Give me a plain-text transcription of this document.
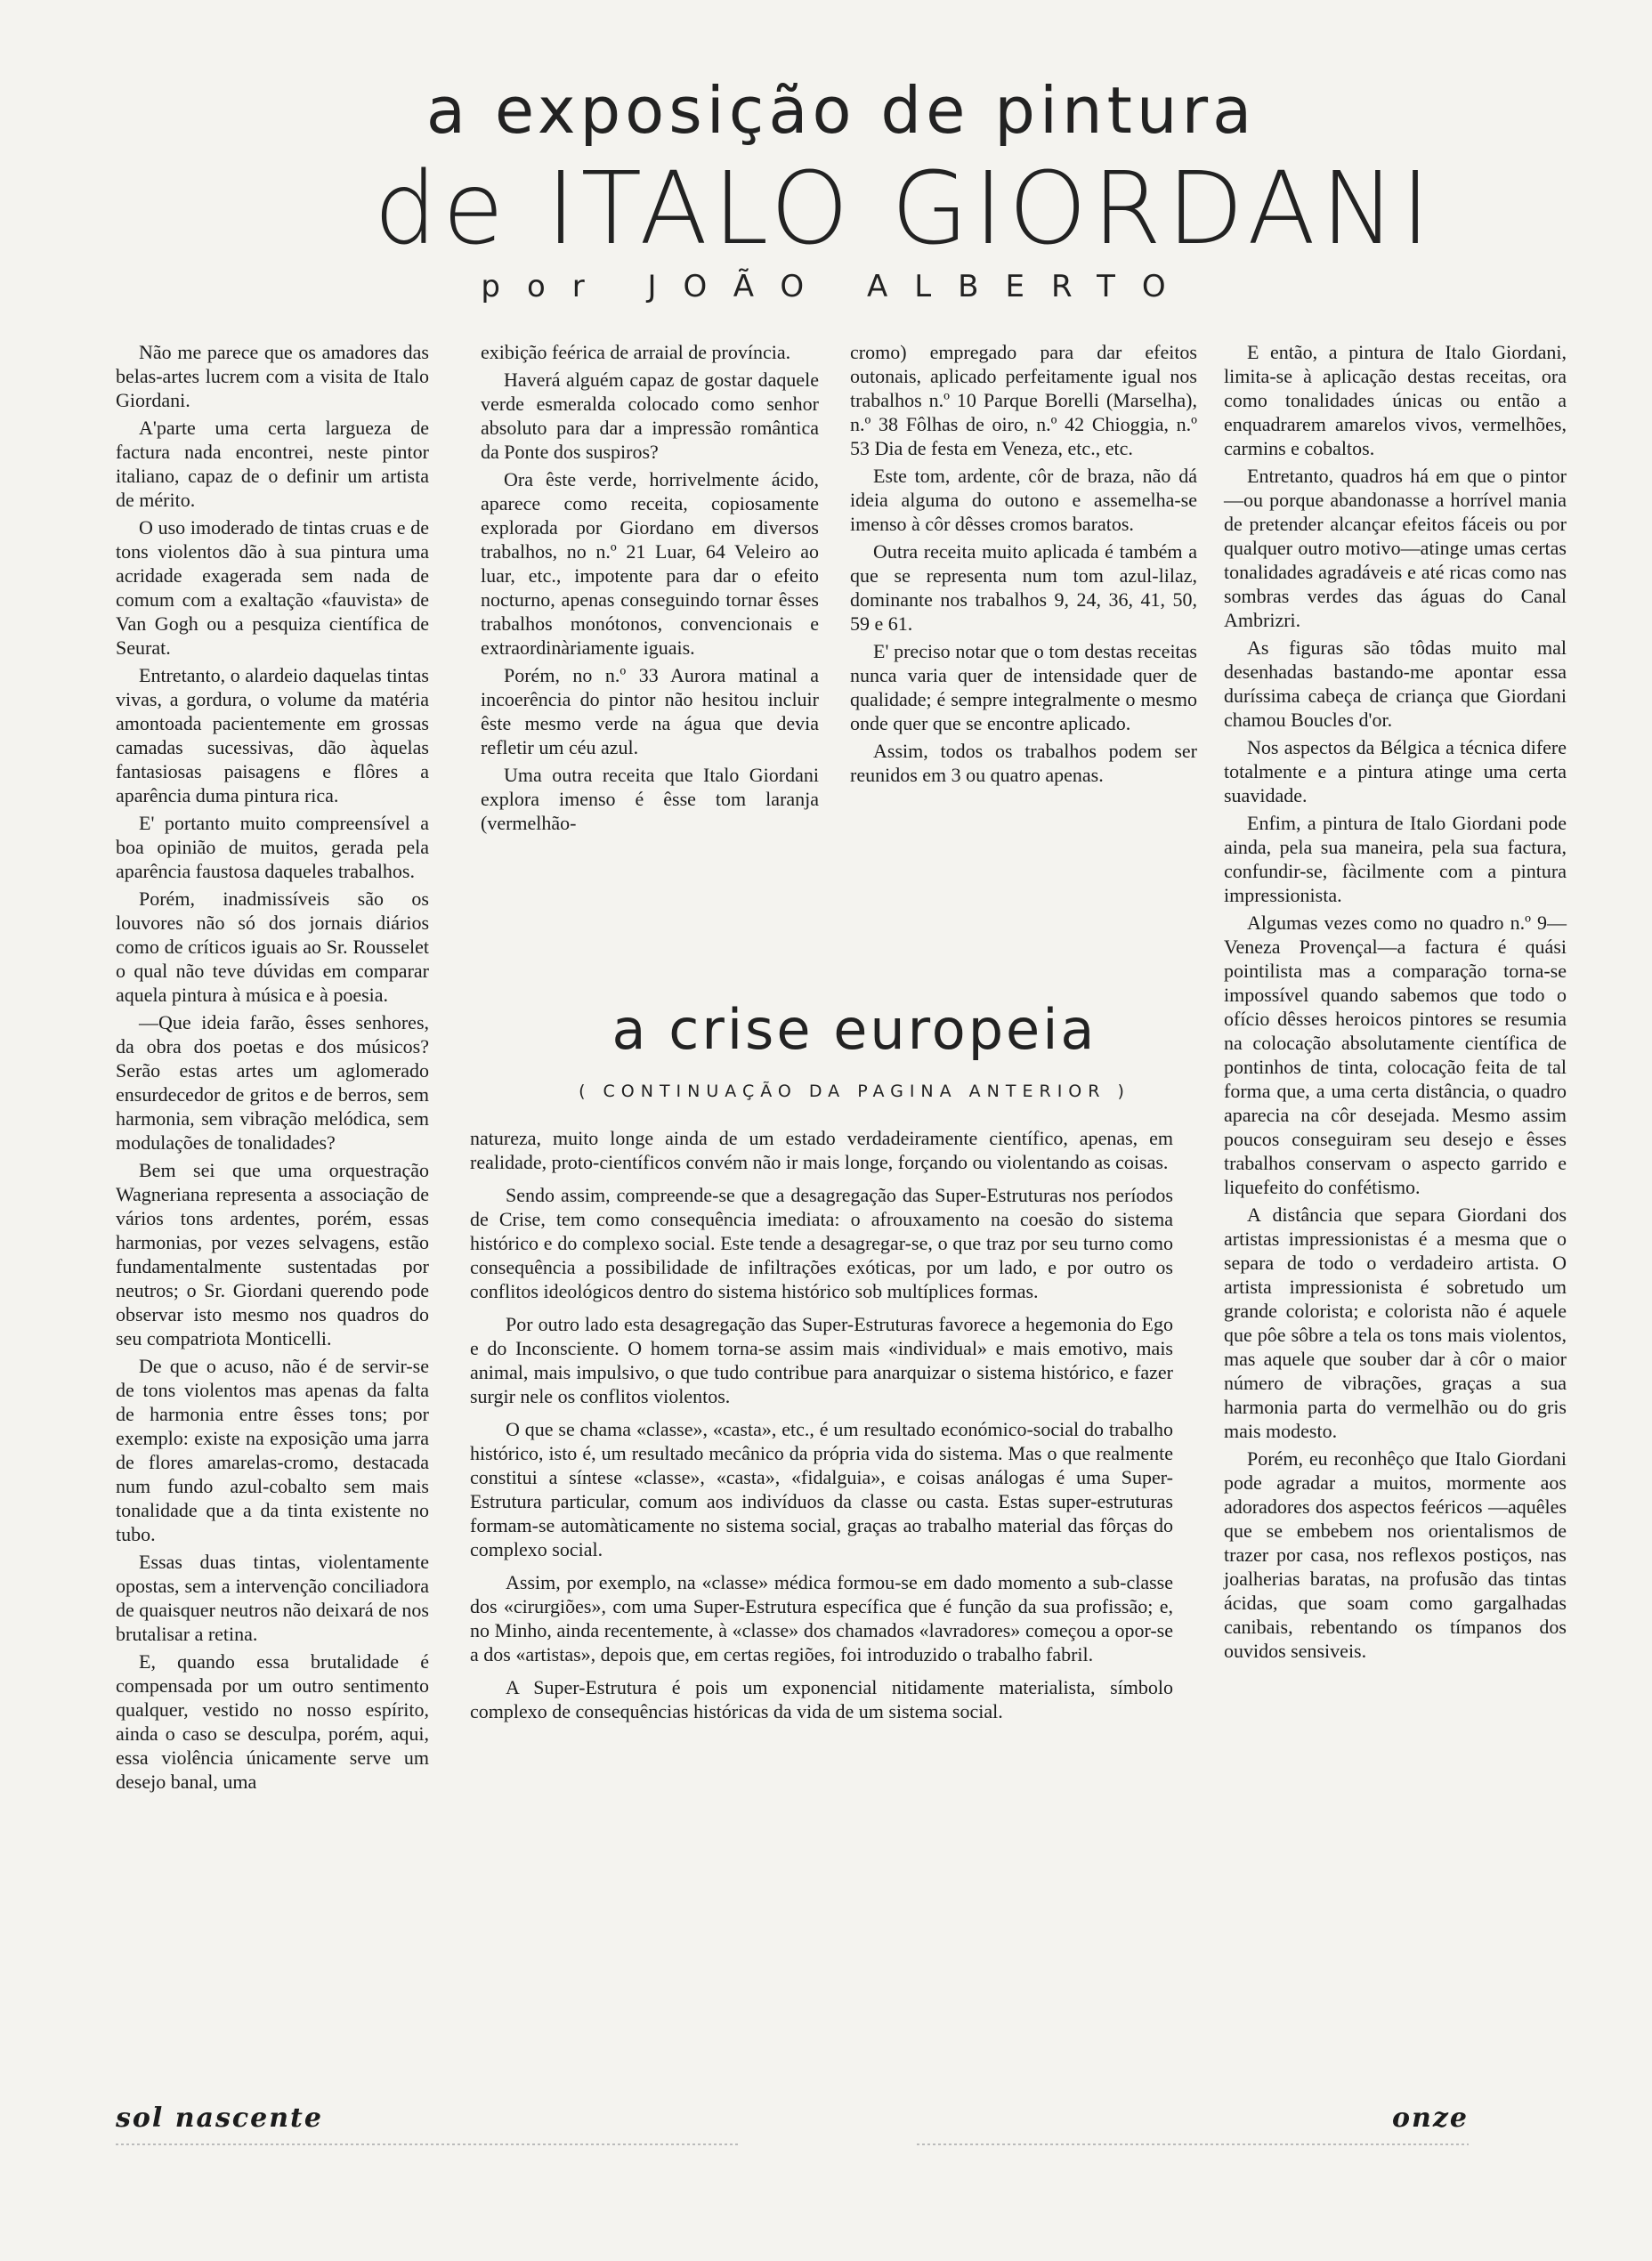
a exposição de pintura
de ITALO GIORDANI
por JOÃO ALBERTO

Não me parece que os amadores das belas-artes lucrem com a visita de Italo Giordani.

A'parte uma certa largueza de factura nada encontrei, neste pintor italiano, capaz de o definir um artista de mérito.

O uso imoderado de tintas cruas e de tons violentos dão à sua pintura uma acridade exagerada sem nada de comum com a exaltação «fauvista» de Van Gogh ou a pesquiza científica de Seurat.

Entretanto, o alardeio daquelas tintas vivas, a gordura, o volume da matéria amontoada pacientemente em grossas camadas sucessivas, dão àquelas fantasiosas paisagens e flôres a aparência duma pintura rica.

E' portanto muito compreensível a boa opinião de muitos, gerada pela aparência faustosa daqueles trabalhos.

Porém, inadmissíveis são os louvores não só dos jornais diários como de críticos iguais ao Sr. Rousselet o qual não teve dúvidas em comparar aquela pintura à música e à poesia.

—Que ideia farão, êsses senhores, da obra dos poetas e dos músicos? Serão estas artes um aglomerado ensurdecedor de gritos e de berros, sem harmonia, sem vibração melódica, sem modulações de tonalidades?

Bem sei que uma orquestração Wagneriana representa a associação de vários tons ardentes, porém, essas harmonias, por vezes selvagens, estão fundamentalmente sustentadas por neutros; o Sr. Giordani querendo pode observar isto mesmo nos quadros do seu compatriota Monticelli.

De que o acuso, não é de servir-se de tons violentos mas apenas da falta de harmonia entre êsses tons; por exemplo: existe na exposição uma jarra de flores amarelas-cromo, destacada num fundo azul-cobalto sem mais tonalidade que a da tinta existente no tubo.

Essas duas tintas, violentamente opostas, sem a intervenção conciliadora de quaisquer neutros não deixará de nos brutalisar a retina.

E, quando essa brutalidade é compensada por um outro sentimento qualquer, vestido no nosso espírito, ainda o caso se desculpa, porém, aqui, essa violência únicamente serve um desejo banal, uma

exibição feérica de arraial de província.

Haverá alguém capaz de gostar daquele verde esmeralda colocado como senhor absoluto para dar a impressão romântica da Ponte dos suspiros?

Ora êste verde, horrivelmente ácido, aparece como receita, copiosamente explorada por Giordano em diversos trabalhos, no n.º 21 Luar, 64 Veleiro ao luar, etc., impotente para dar o efeito nocturno, apenas conseguindo tornar êsses trabalhos monótonos, convencionais e extraordinàriamente iguais.

Porém, no n.º 33 Aurora matinal a incoerência do pintor não hesitou incluir êste mesmo verde na água que devia refletir um céu azul.

Uma outra receita que Italo Giordani explora imenso é êsse tom laranja (vermelhão-

cromo) empregado para dar efeitos outonais, aplicado perfeitamente igual nos trabalhos n.º 10 Parque Borelli (Marselha), n.º 38 Fôlhas de oiro, n.º 42 Chioggia, n.º 53 Dia de festa em Veneza, etc., etc.

Este tom, ardente, côr de braza, não dá ideia alguma do outono e assemelha-se imenso à côr dêsses cromos baratos.

Outra receita muito aplicada é também a que se representa num tom azul-lilaz, dominante nos trabalhos 9, 24, 36, 41, 50, 59 e 61.

E' preciso notar que o tom destas receitas nunca varia quer de intensidade quer de qualidade; é sempre integralmente o mesmo onde quer que se encontre aplicado.

Assim, todos os trabalhos podem ser reunidos em 3 ou quatro apenas.

E então, a pintura de Italo Giordani, limita-se à aplicação destas receitas, ora como tonalidades únicas ou então a enquadrarem amarelos vivos, vermelhões, carmins e cobaltos.

Entretanto, quadros há em que o pintor—ou porque abandonasse a horrível mania de pretender alcançar efeitos fáceis ou por qualquer outro motivo—atinge umas certas tonalidades agradáveis e até ricas como nas sombras verdes das águas do Canal Ambrizri.

As figuras são tôdas muito mal desenhadas bastando-me apontar essa duríssima cabeça de criança que Giordani chamou Boucles d'or.

Nos aspectos da Bélgica a técnica difere totalmente e a pintura atinge uma certa suavidade.

Enfim, a pintura de Italo Giordani pode ainda, pela sua maneira, pela sua factura, confundir-se, fàcilmente com a pintura impressionista.

Algumas vezes como no quadro n.º 9—Veneza Provençal—a factura é quási pointilista mas a comparação torna-se impossível quando sabemos que todo o ofício dêsses heroicos pintores se resumia na colocação absolutamente científica de pontinhos de tinta, colocação feita de tal forma que, a uma certa distância, o quadro aparecia na côr desejada. Mesmo assim poucos conseguiram seu desejo e êsses trabalhos conservam o aspecto garrido e liquefeito do confétismo.

A distância que separa Giordani dos artistas impressionistas é a mesma que o separa de todo o verdadeiro artista. O artista impressionista é sobretudo um grande colorista; e colorista não é aquele que pôe sôbre a tela os tons mais violentos, mas aquele que souber dar à côr o maior número de vibrações, graças a sua harmonia parta do vermelhão ou do gris mais modesto.

Porém, eu reconhêço que Italo Giordani pode agradar a muitos, mormente aos adoradores dos aspectos feéricos —aquêles que se embebem nos orientalismos de trazer por casa, nos reflexos postiços, nas joalherias baratas, na profusão das tintas ácidas, que soam como gargalhadas canibais, rebentando os tímpanos dos ouvidos sensiveis.

a crise europeia
( CONTINUAÇÃO DA PAGINA ANTERIOR )

natureza, muito longe ainda de um estado verdadeiramente científico, apenas, em realidade, proto-científicos convém não ir mais longe, forçando ou violentando as coisas.

Sendo assim, compreende-se que a desagregação das Super-Estruturas nos períodos de Crise, tem como consequência imediata: o afrouxamento na coesão do sistema histórico e do complexo social. Este tende a desagregar-se, o que traz por seu turno como consequência a possibilidade de infiltrações exóticas, por um lado, e por outro os conflitos ideológicos dentro do sistema histórico sob multíplices formas.

Por outro lado esta desagregação das Super-Estruturas favorece a hegemonia do Ego e do Inconsciente. O homem torna-se assim mais «individual» e mais emotivo, mais animal, mais impulsivo, o que tudo contribue para anarquizar o sistema histórico, e fazer surgir nele os conflitos violentos.

O que se chama «classe», «casta», etc., é um resultado económico-social do trabalho histórico, isto é, um resultado mecânico da própria vida do sistema. Mas o que realmente constitui a síntese «classe», «casta», «fidalguia», e coisas análogas é uma Super-Estrutura particular, comum aos indivíduos da classe ou casta. Estas super-estruturas formam-se automàticamente no sistema social, graças ao trabalho material das fôrças do complexo social.

Assim, por exemplo, na «classe» médica formou-se em dado momento a sub-classe dos «cirurgiões», com uma Super-Estrutura específica que é função da sua profissão; e, no Minho, ainda recentemente, à «classe» dos chamados «lavradores» começou a opor-se a dos «artistas», depois que, em certas regiões, foi introduzido o trabalho fabril.

A Super-Estrutura é pois um exponencial nitidamente materialista, símbolo complexo de consequências históricas da vida de um sistema social.

sol nascente	onze
